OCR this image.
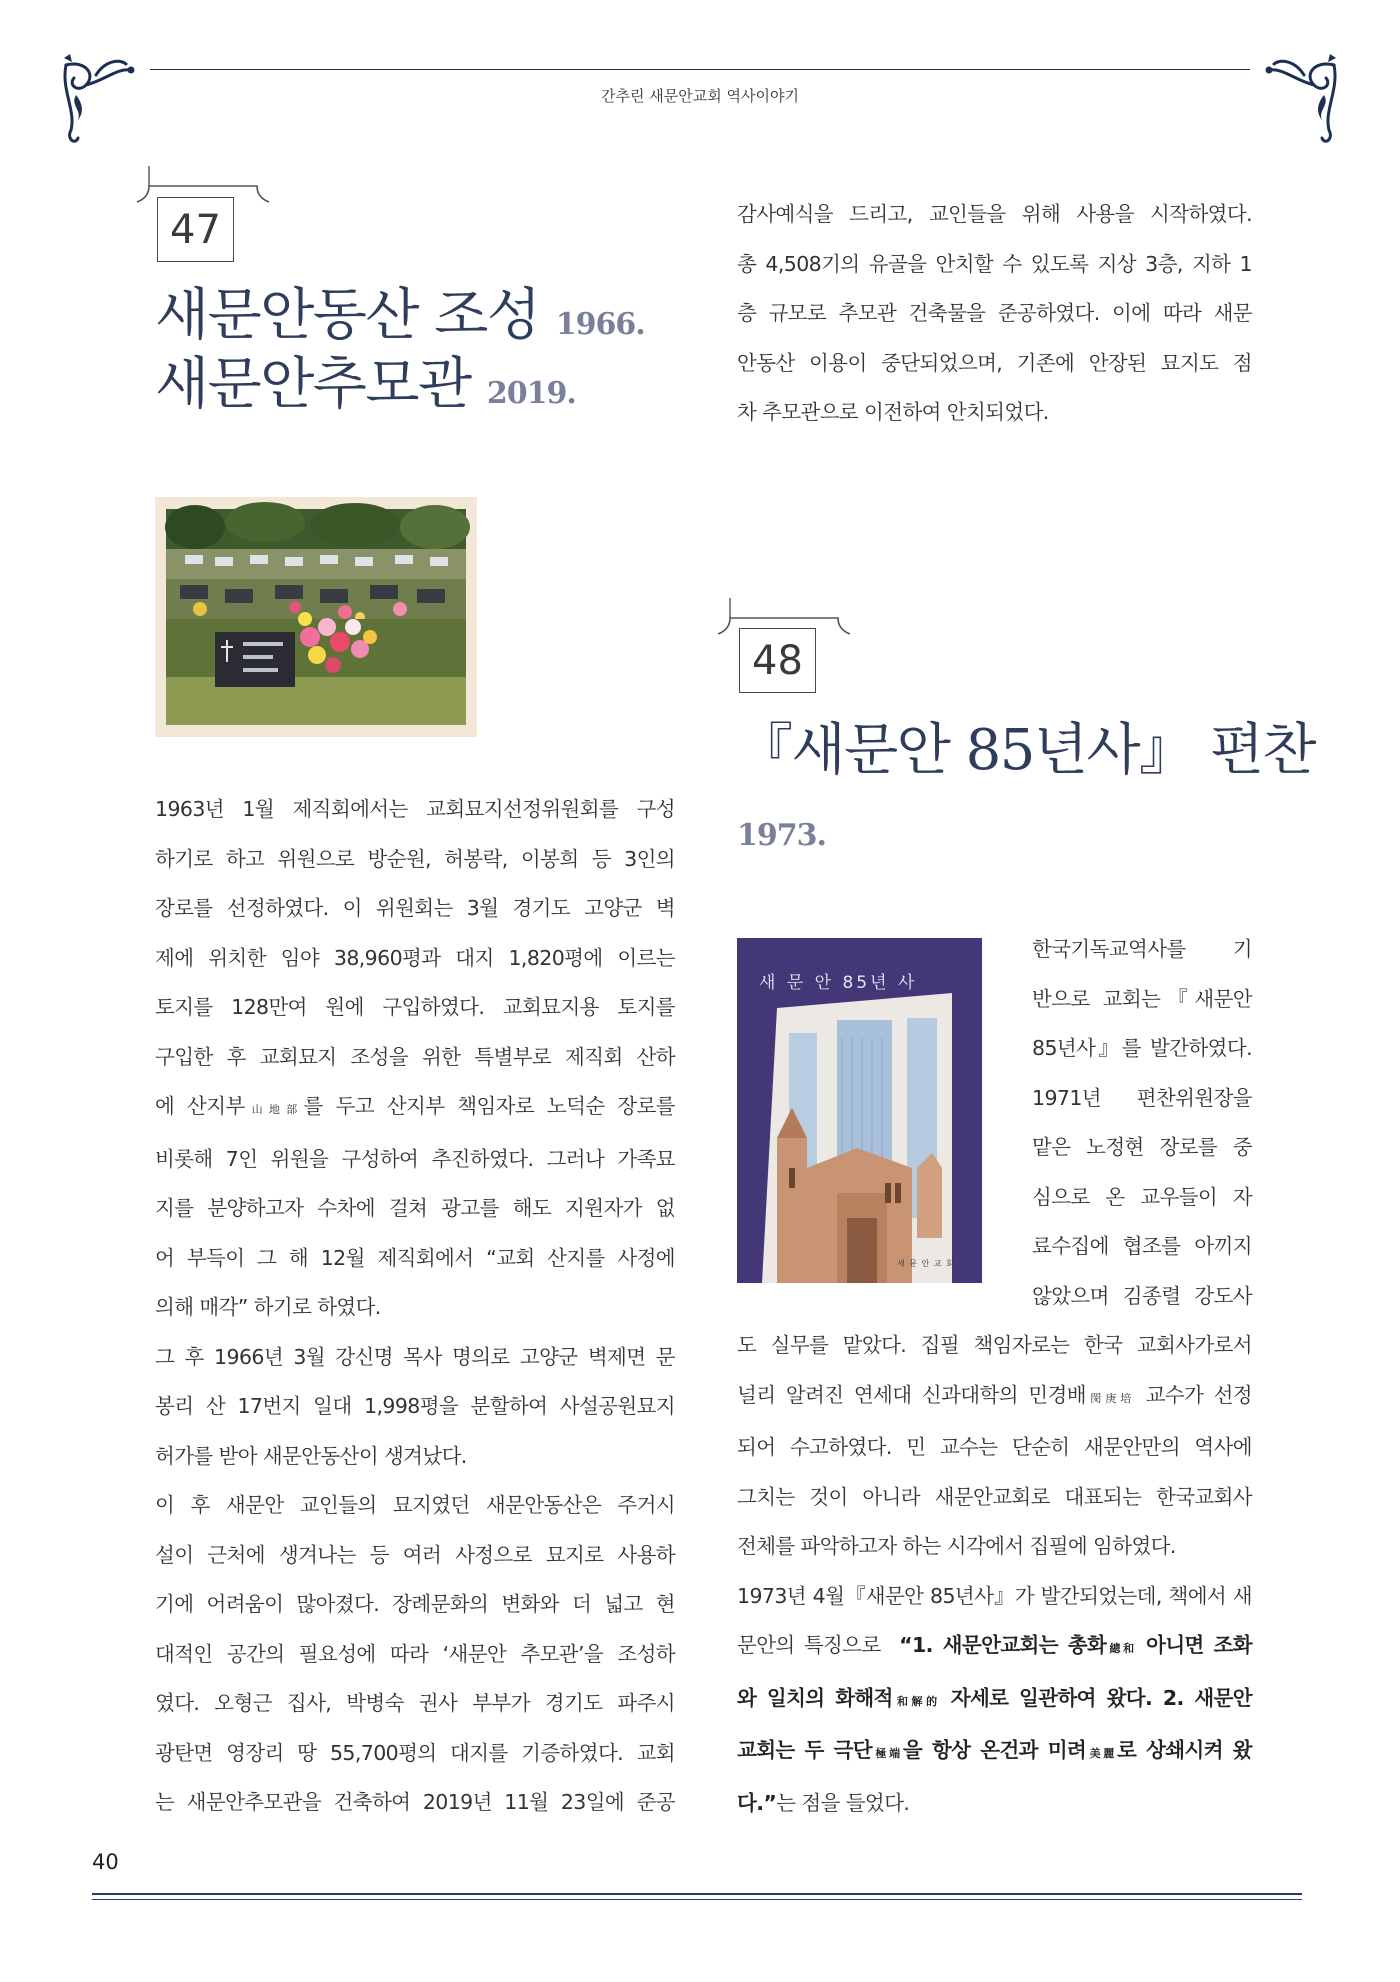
간추린 새문안교회 역사이야기
47
새문안동산 조성 1966.
새문안추모관 2019.
1963년 1월 제직회에서는 교회묘지선정위원회를 구성
하기로 하고 위원으로 방순원, 허봉락, 이봉희 등 3인의
장로를 선정하였다. 이 위원회는 3월 경기도 고양군 벽
제에 위치한 임야 38,960평과 대지 1,820평에 이르는
토지를 128만여 원에 구입하였다. 교회묘지용 토지를
구입한 후 교회묘지 조성을 위한 특별부로 제직회 산하
에 산지부山地部를 두고 산지부 책임자로 노덕순 장로를
비롯해 7인 위원을 구성하여 추진하였다. 그러나 가족묘
지를 분양하고자 수차에 걸쳐 광고를 해도 지원자가 없
어 부득이 그 해 12월 제직회에서 “교회 산지를 사정에
의해 매각” 하기로 하였다.
그 후 1966년 3월 강신명 목사 명의로 고양군 벽제면 문
봉리 산 17번지 일대 1,998평을 분할하여 사설공원묘지
허가를 받아 새문안동산이 생겨났다.
이 후 새문안 교인들의 묘지였던 새문안동산은 주거시
설이 근처에 생겨나는 등 여러 사정으로 묘지로 사용하
기에 어려움이 많아졌다. 장례문화의 변화와 더 넓고 현
대적인 공간의 필요성에 따라 ‘새문안 추모관’을 조성하
였다. 오형근 집사, 박병숙 권사 부부가 경기도 파주시
광탄면 영장리 땅 55,700평의 대지를 기증하였다. 교회
는 새문안추모관을 건축하여 2019년 11월 23일에 준공
감사예식을 드리고, 교인들을 위해 사용을 시작하였다.
총 4,508기의 유골을 안치할 수 있도록 지상 3층, 지하 1
층 규모로 추모관 건축물을 준공하였다. 이에 따라 새문
안동산 이용이 중단되었으며, 기존에 안장된 묘지도 점
차 추모관으로 이전하여 안치되었다.
48
『새문안 85년사』 편찬
1973.
새 문 안 85년 사
새 문 안 교 회
한국기독교역사를 기
반으로 교회는『새문안
85년사』를 발간하였다.
1971년 편찬위원장을
맡은 노정현 장로를 중
심으로 온 교우들이 자
료수집에 협조를 아끼지
않았으며 김종렬 강도사
도 실무를 맡았다. 집필 책임자로는 한국 교회사가로서
널리 알려진 연세대 신과대학의 민경배閔庚培 교수가 선정
되어 수고하였다. 민 교수는 단순히 새문안만의 역사에
그치는 것이 아니라 새문안교회로 대표되는 한국교회사
전체를 파악하고자 하는 시각에서 집필에 임하였다.
1973년 4월『새문안 85년사』가 발간되었는데, 책에서 새
문안의 특징으로 “1. 새문안교회는 총화總和 아니면 조화
와 일치의 화해적和解的 자세로 일관하여 왔다. 2. 새문안
교회는 두 극단極端을 항상 온건과 미려美麗로 상쇄시켜 왔
다.”는 점을 들었다.
40
